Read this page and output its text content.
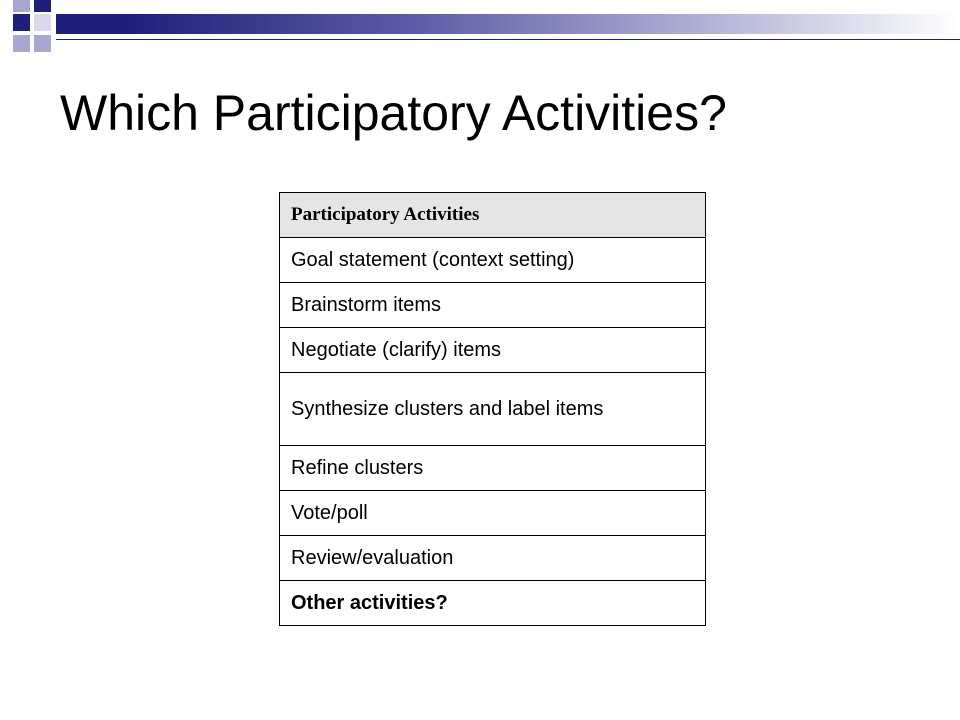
Which Participatory Activities?
Participatory Activities
Goal statement (context setting)
Brainstorm items
Negotiate (clarify) items
Synthesize clusters and label items
Refine clusters
Vote/poll
Review/evaluation
Other activities?
